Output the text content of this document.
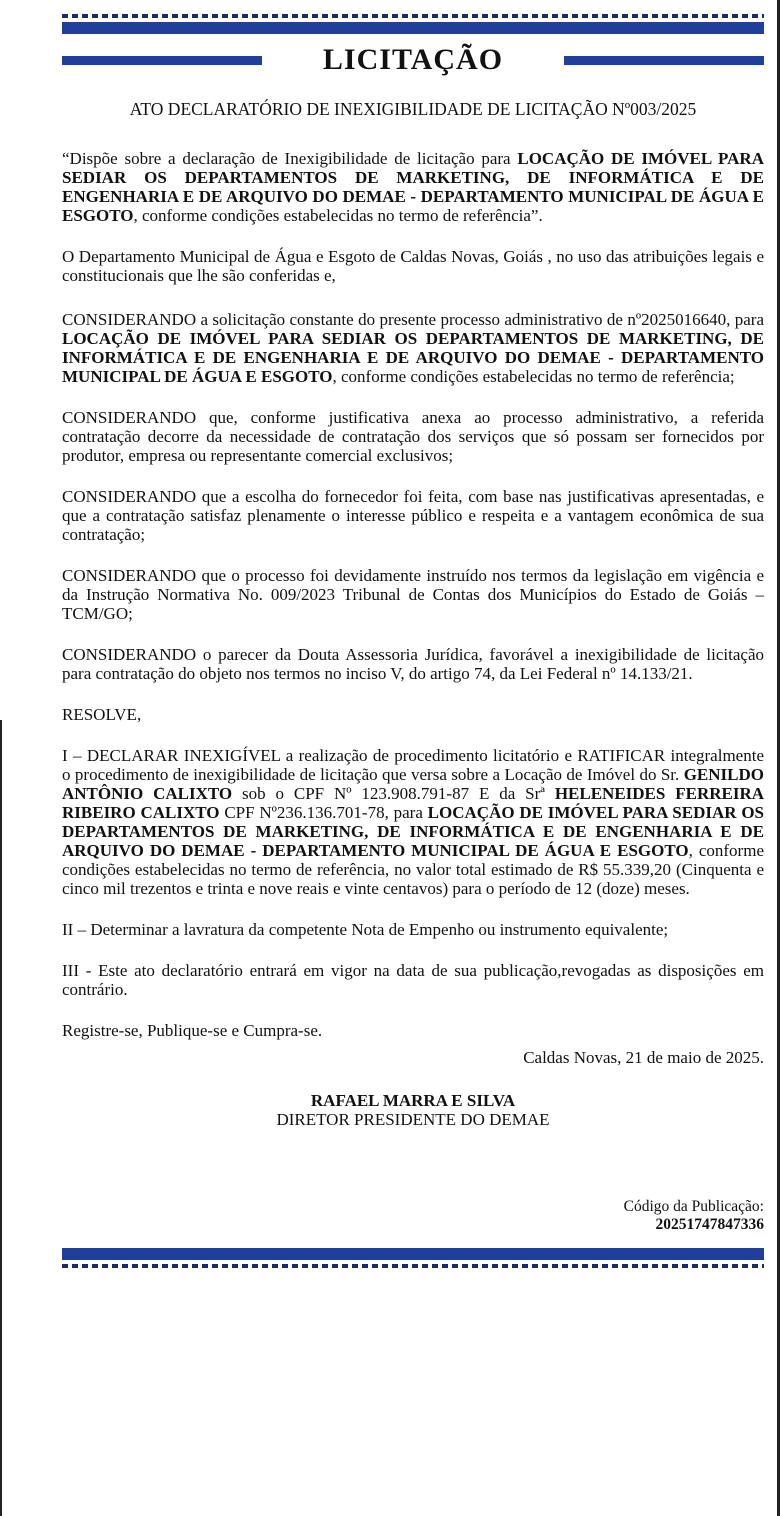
LICITAÇÃO

ATO DECLARATÓRIO DE INEXIGIBILIDADE DE LICITAÇÃO Nº003/2025

“Dispõe sobre a declaração de Inexigibilidade de licitação para LOCAÇÃO DE IMÓVEL PARA SEDIAR OS DEPARTAMENTOS DE MARKETING, DE INFORMÁTICA E DE ENGENHARIA E DE ARQUIVO DO DEMAE - DEPARTAMENTO MUNICIPAL DE ÁGUA E ESGOTO, conforme condições estabelecidas no termo de referência”.

O Departamento Municipal de Água e Esgoto de Caldas Novas, Goiás , no uso das atribuições legais e constitucionais que lhe são conferidas e,

CONSIDERANDO a solicitação constante do presente processo administrativo de nº2025016640, para LOCAÇÃO DE IMÓVEL PARA SEDIAR OS DEPARTAMENTOS DE MARKETING, DE INFORMÁTICA E DE ENGENHARIA E DE ARQUIVO DO DEMAE - DEPARTAMENTO MUNICIPAL DE ÁGUA E ESGOTO, conforme condições estabelecidas no termo de referência;

CONSIDERANDO que, conforme justificativa anexa ao processo administrativo, a referida contratação decorre da necessidade de contratação dos serviços que só possam ser fornecidos por produtor, empresa ou representante comercial exclusivos;

CONSIDERANDO que a escolha do fornecedor foi feita, com base nas justificativas apresentadas, e que a contratação satisfaz plenamente o interesse público e respeita e a vantagem econômica de sua contratação;

CONSIDERANDO que o processo foi devidamente instruído nos termos da legislação em vigência e da Instrução Normativa No. 009/2023 Tribunal de Contas dos Municípios do Estado de Goiás – TCM/GO;

CONSIDERANDO o parecer da Douta Assessoria Jurídica, favorável a inexigibilidade de licitação para contratação do objeto nos termos no inciso V, do artigo 74, da Lei Federal nº 14.133/21.

RESOLVE,

I – DECLARAR INEXIGÍVEL a realização de procedimento licitatório e RATIFICAR integralmente o procedimento de inexigibilidade de licitação que versa sobre a Locação de Imóvel do Sr. GENILDO ANTÔNIO CALIXTO sob o CPF Nº 123.908.791-87 E da Srª HELENEIDES FERREIRA RIBEIRO CALIXTO CPF Nº236.136.701-78, para LOCAÇÃO DE IMÓVEL PARA SEDIAR OS DEPARTAMENTOS DE MARKETING, DE INFORMÁTICA E DE ENGENHARIA E DE ARQUIVO DO DEMAE - DEPARTAMENTO MUNICIPAL DE ÁGUA E ESGOTO, conforme condições estabelecidas no termo de referência, no valor total estimado de R$ 55.339,20 (Cinquenta e cinco mil trezentos e trinta e nove reais e vinte centavos) para o período de 12 (doze) meses.

II – Determinar a lavratura da competente Nota de Empenho ou instrumento equivalente;

III - Este ato declaratório entrará em vigor na data de sua publicação,revogadas as disposições em contrário.

Registre-se, Publique-se e Cumpra-se.

Caldas Novas, 21 de maio de 2025.

RAFAEL MARRA E SILVA
DIRETOR PRESIDENTE DO DEMAE
Código da Publicação:
20251747847336
